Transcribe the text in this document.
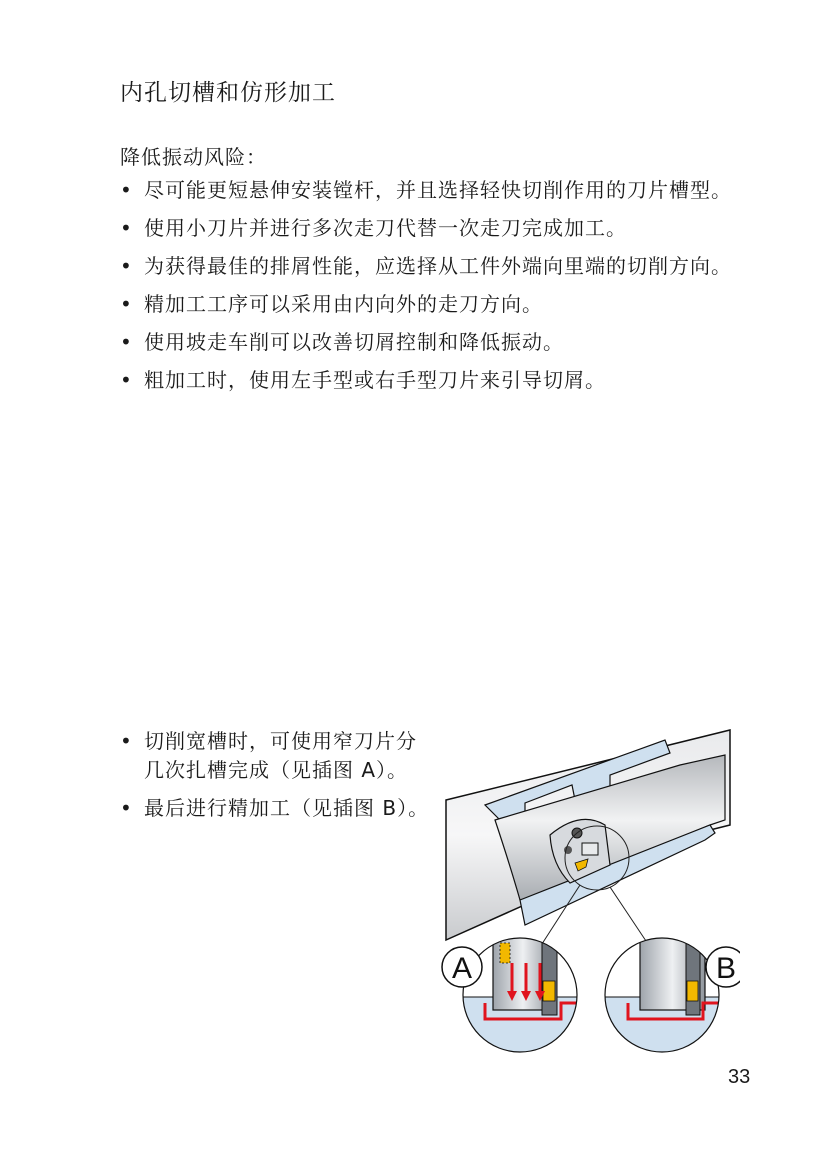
内孔切槽和仿形加工
降低振动风险：
• 尽可能更短悬伸安装镗杆，并且选择轻快切削作用的刀片槽型。
• 使用小刀片并进行多次走刀代替一次走刀完成加工。
• 为获得最佳的排屑性能，应选择从工件外端向里端的切削方向。
• 精加工工序可以采用由内向外的走刀方向。
• 使用坡走车削可以改善切屑控制和降低振动。
• 粗加工时，使用左手型或右手型刀片来引导切屑。
• 切削宽槽时，可使用窄刀片分几次扎槽完成（见插图 A）。
• 最后进行精加工（见插图 B）。
A	B
33
